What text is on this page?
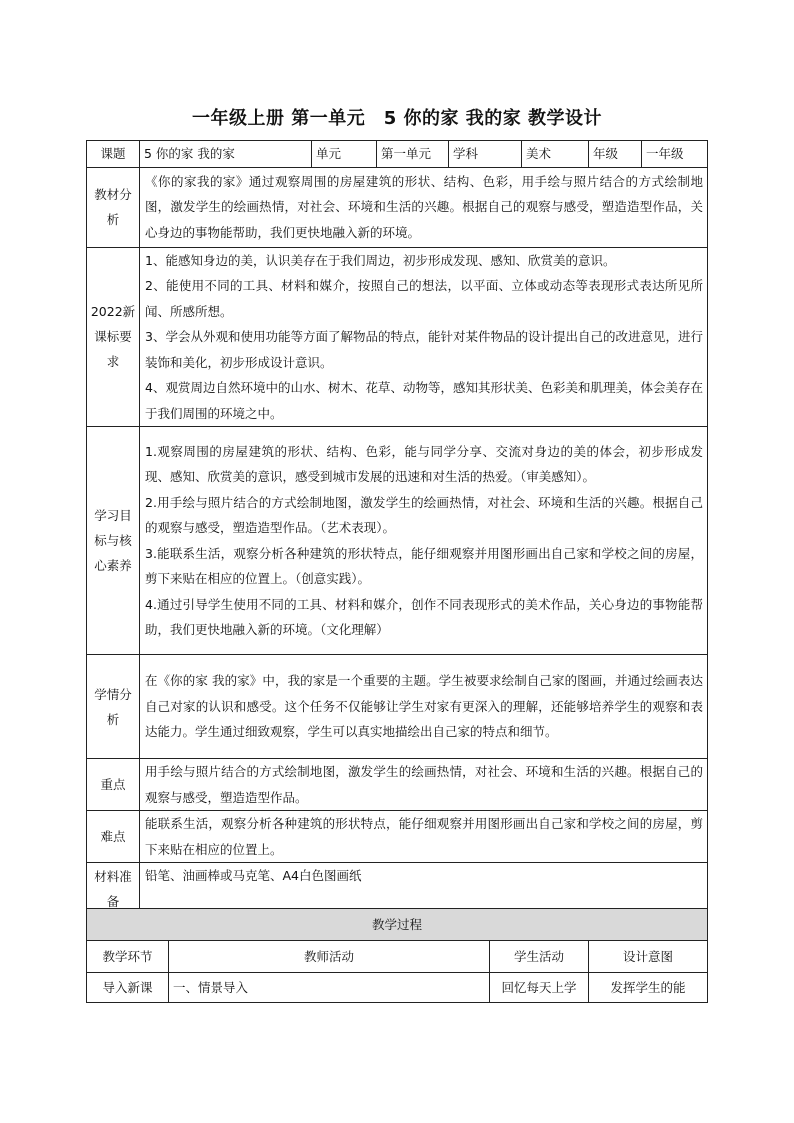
一年级上册 第一单元　5 你的家 我的家 教学设计
课题	5 你的家 我的家	单元	第一单元	学科	美术	年级	一年级
教材分析	《你的家我的家》通过观察周围的房屋建筑的形状、结构、色彩，用手绘与照片结合的方式绘制地图，激发学生的绘画热情，对社会、环境和生活的兴趣。根据自己的观察与感受，塑造造型作品，关心身边的事物能帮助，我们更快地融入新的环境。						

2022新课标要求	1、能感知身边的美，认识美存在于我们周边，初步形成发现、感知、欣赏美的意识。

2、能使用不同的工具、材料和媒介，按照自己的想法，以平面、立体或动态等表现形式表达所见所闻、所感所想。

3、学会从外观和使用功能等方面了解物品的特点，能针对某件物品的设计提出自己的改进意见，进行装饰和美化，初步形成设计意识。

4、观赏周边自然环境中的山水、树木、花草、动物等，感知其形状美、色彩美和肌理美，体会美存在于我们周围的环境之中。						

学习目标与核心素养	1.观察周围的房屋建筑的形状、结构、色彩，能与同学分享、交流对身边的美的体会，初步形成发现、感知、欣赏美的意识，感受到城市发展的迅速和对生活的热爱。（审美感知）。

2.用手绘与照片结合的方式绘制地图，激发学生的绘画热情，对社会、环境和生活的兴趣。根据自己的观察与感受，塑造造型作品。（艺术表现）。

3.能联系生活，观察分析各种建筑的形状特点，能仔细观察并用图形画出自己家和学校之间的房屋，剪下来贴在相应的位置上。（创意实践）。

4.通过引导学生使用不同的工具、材料和媒介，创作不同表现形式的美术作品，关心身边的事物能帮助，我们更快地融入新的环境。（文化理解）						

学情分析	在《你的家 我的家》中，我的家是一个重要的主题。学生被要求绘制自己家的图画，并通过绘画表达自己对家的认识和感受。这个任务不仅能够让学生对家有更深入的理解，还能够培养学生的观察和表达能力。学生通过细致观察，学生可以真实地描绘出自己家的特点和细节。						

重点	用手绘与照片结合的方式绘制地图，激发学生的绘画热情，对社会、环境和生活的兴趣。根据自己的观察与感受，塑造造型作品。						

难点	能联系生活，观察分析各种建筑的形状特点，能仔细观察并用图形画出自己家和学校之间的房屋，剪下来贴在相应的位置上。						

材料准备	铅笔、油画棒或马克笔、A4白色图画纸						

教学过程			
教学环节	教师活动	学生活动	设计意图
导入新课	一、情景导入	回忆每天上学	发挥学生的能
